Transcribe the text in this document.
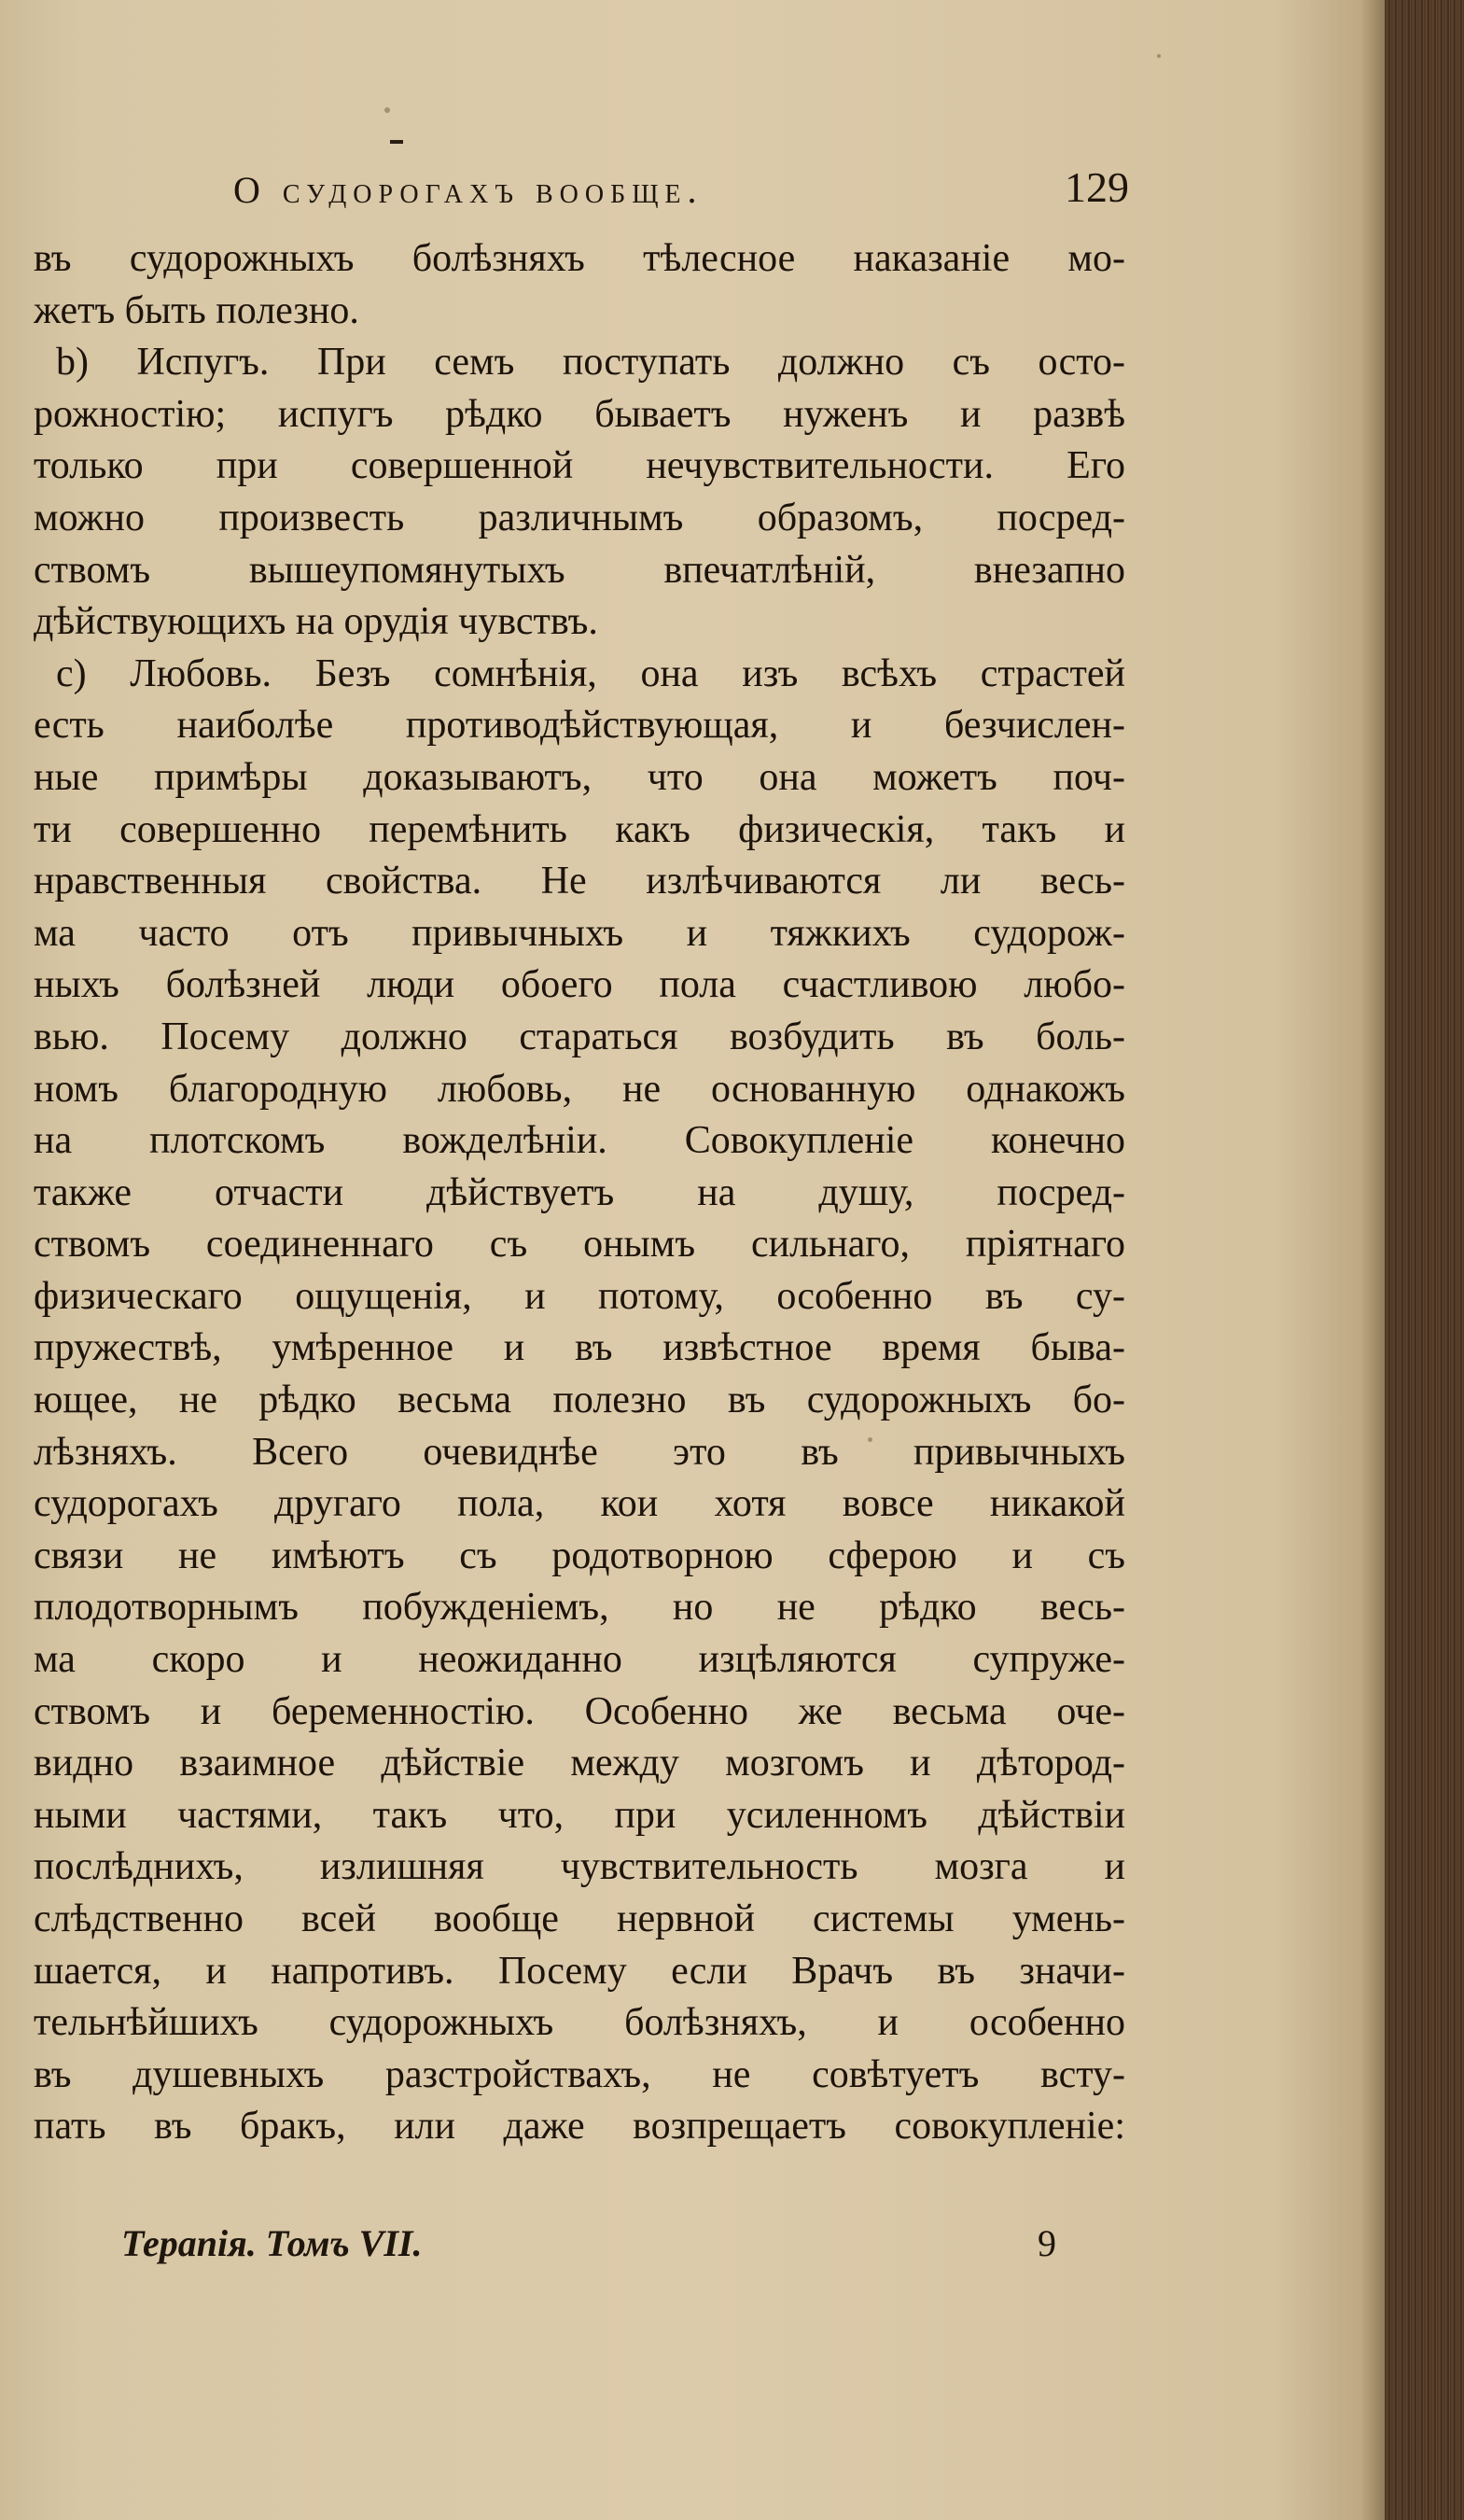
О судорогахъ вообще.	129
въ судорожныхъ болѣзняхъ тѣлесное наказаніе мо-
жетъ быть полезно.
b) Испугъ. При семъ поступать должно съ осто-
рожностію; испугъ рѣдко бываетъ нуженъ и развѣ
только при совершенной нечувствительности. Его
можно произвесть различнымъ образомъ, посред-
ствомъ вышеупомянутыхъ впечатлѣній, внезапно
дѣйствующихъ на орудія чувствъ.
c) Любовь. Безъ сомнѣнія, она изъ всѣхъ страстей
есть наиболѣе противодѣйствующая, и безчислен-
ные примѣры доказываютъ, что она можетъ поч-
ти совершенно перемѣнить какъ физическія, такъ и
нравственныя свойства. Не излѣчиваются ли весь-
ма часто отъ привычныхъ и тяжкихъ судорож-
ныхъ болѣзней люди обоего пола счастливою любо-
вью. Посему должно стараться возбудить въ боль-
номъ благородную любовь, не основанную однакожъ
на плотскомъ вожделѣніи. Совокупленіе конечно
также отчасти дѣйствуетъ на душу, посред-
ствомъ соединеннаго съ онымъ сильнаго, пріятнаго
физическаго ощущенія, и потому, особенно въ су-
пружествѣ, умѣренное и въ извѣстное время быва-
ющее, не рѣдко весьма полезно въ судорожныхъ бо-
лѣзняхъ. Всего очевиднѣе это въ привычныхъ
судорогахъ другаго пола, кои хотя вовсе никакой
связи не имѣютъ съ родотворною сферою и съ
плодотворнымъ побужденіемъ, но не рѣдко весь-
ма скоро и неожиданно изцѣляются супруже-
ствомъ и беременностію. Особенно же весьма оче-
видно взаимное дѣйствіе между мозгомъ и дѣтород-
ными частями, такъ что, при усиленномъ дѣйствіи
послѣднихъ, излишняя чувствительность мозга и
слѣдственно всей вообще нервной системы умень-
шается, и напротивъ. Посему если Врачъ въ значи-
тельнѣйшихъ судорожныхъ болѣзняхъ, и особенно
въ душевныхъ разстройствахъ, не совѣтуетъ всту-
пать въ бракъ, или даже возпрещаетъ совокупленіе:
Терапія. Томъ VII.	9
